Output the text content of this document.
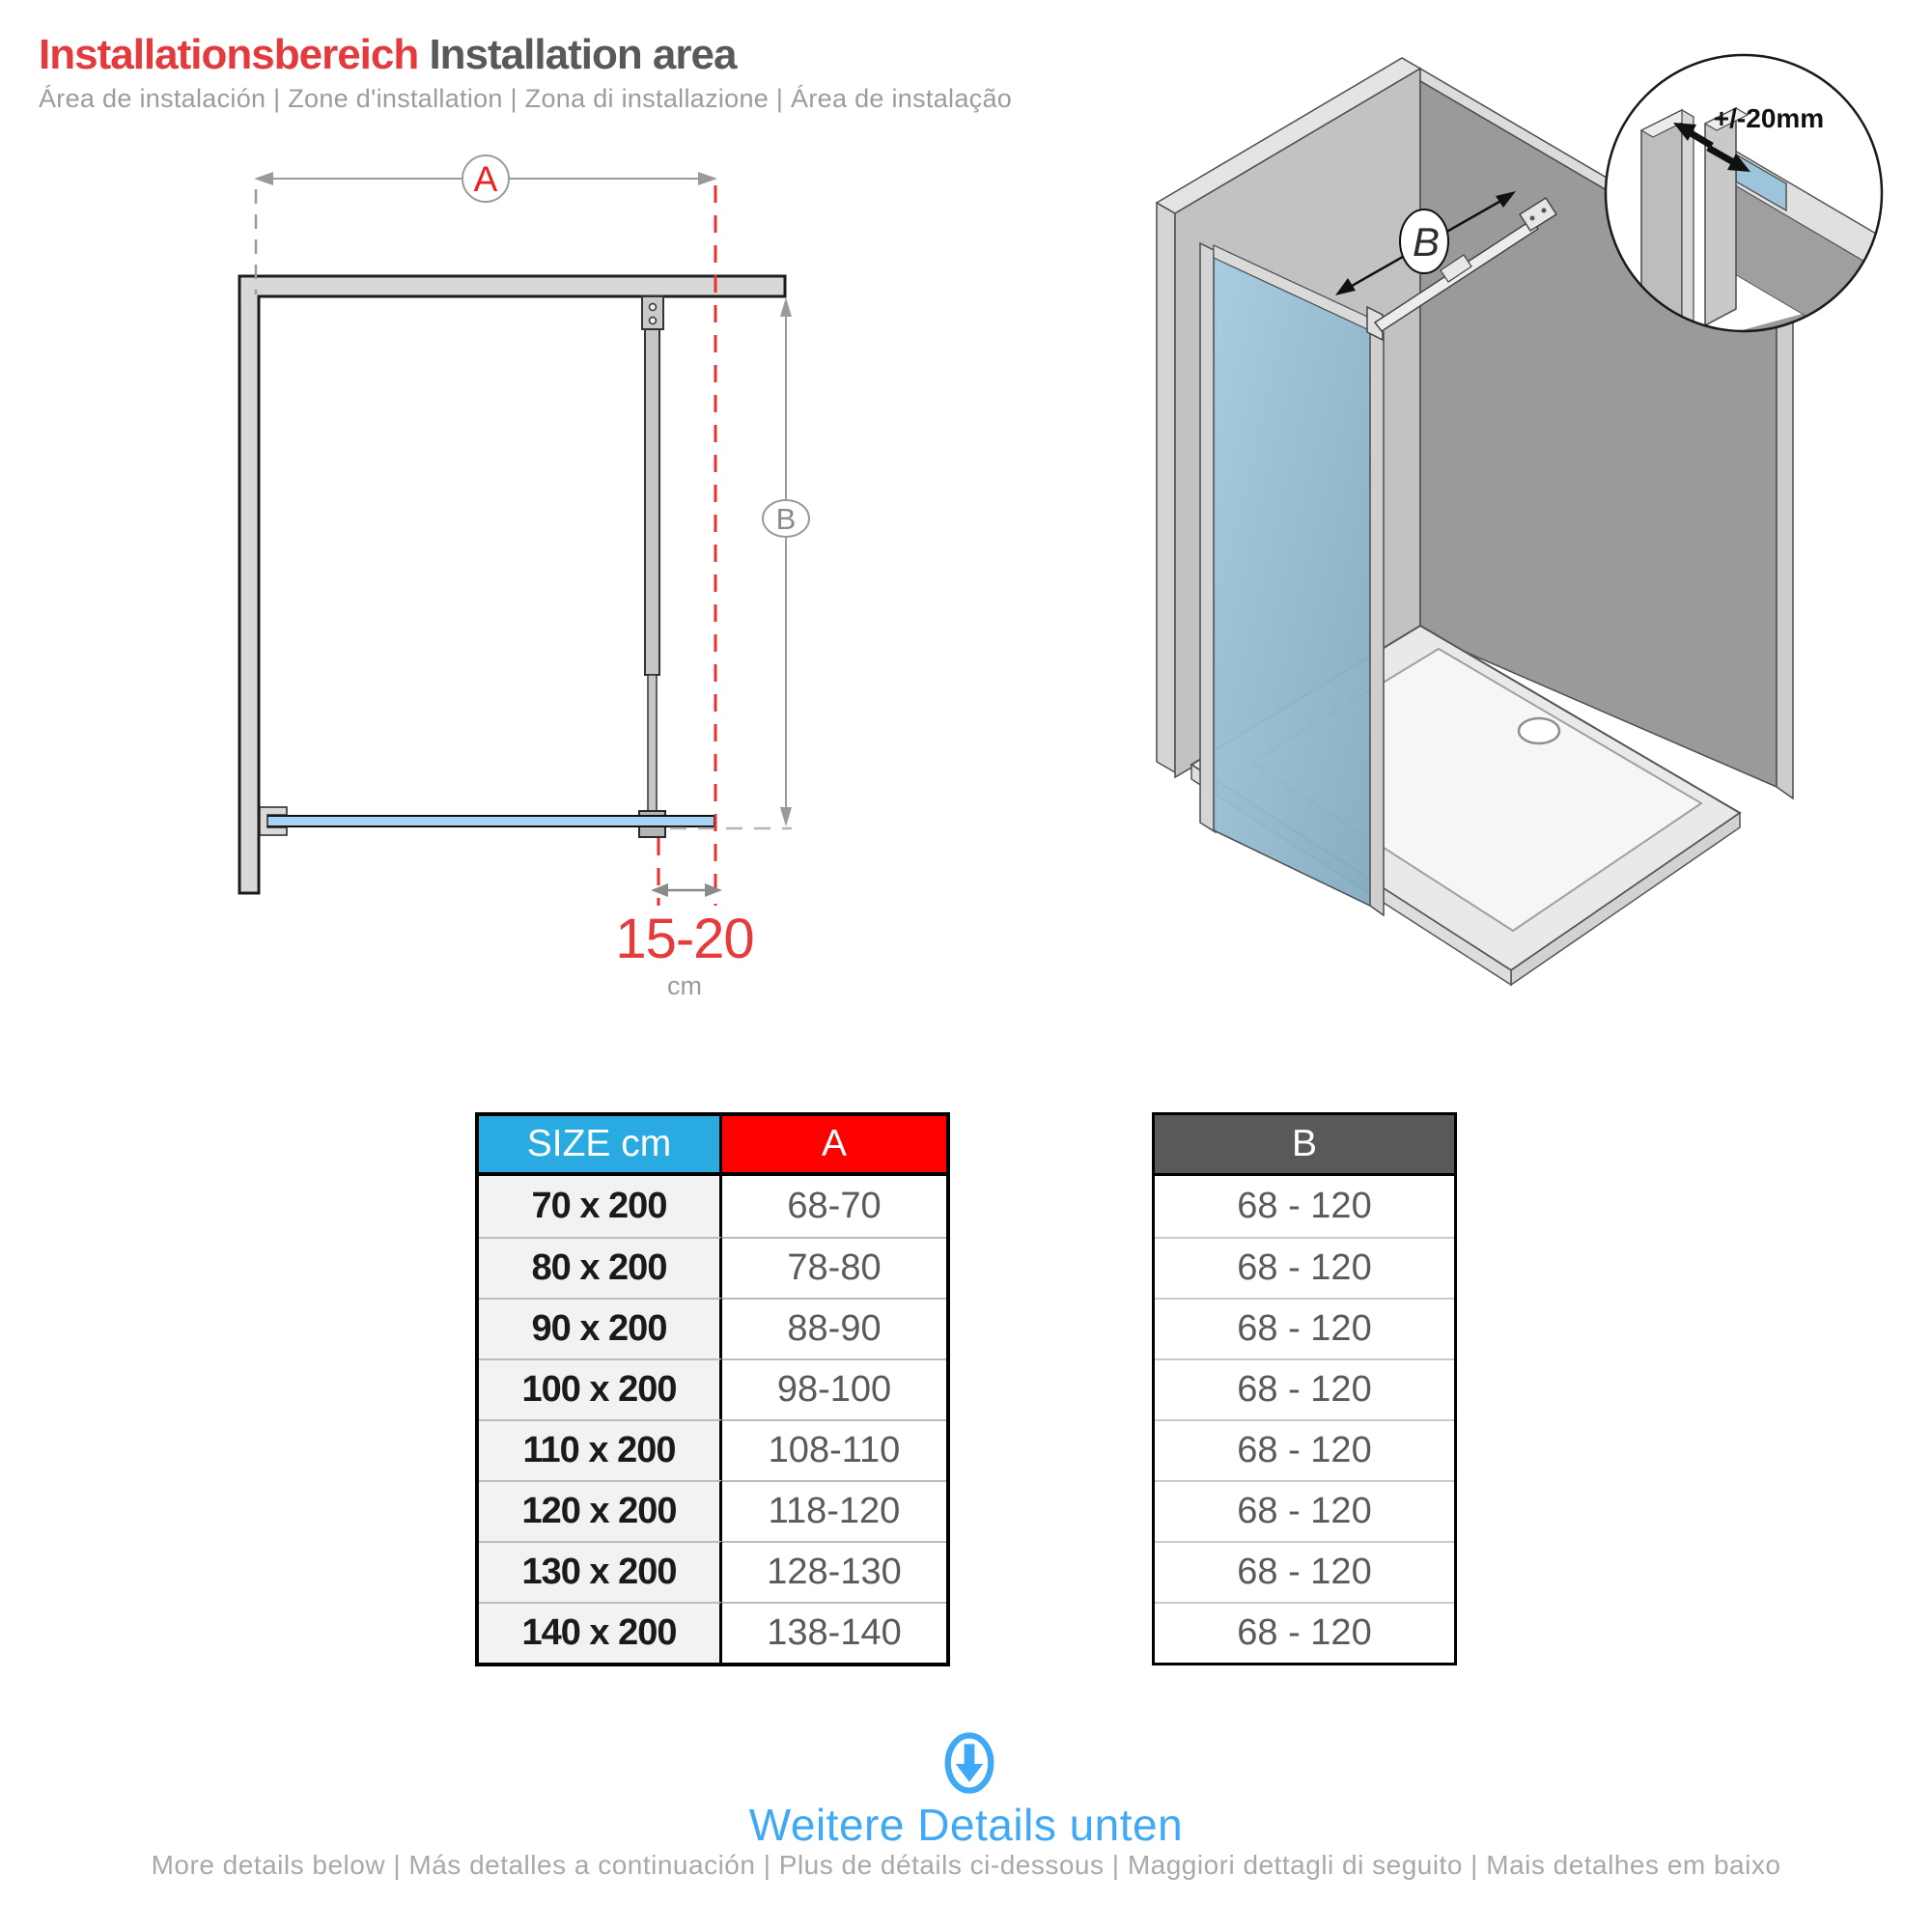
Installationsbereich Installation area
Área de instalación | Zone d'installation | Zona di installazione | Área de instalação
A
B
15-20
cm
B
+/-20mm
SIZE cm	A
70 x 200	68-70
80 x 200	78-80
90 x 200	88-90
100 x 200	98-100
110 x 200	108-110
120 x 200	118-120
130 x 200	128-130
140 x 200	138-140
B
68 - 120
68 - 120
68 - 120
68 - 120
68 - 120
68 - 120
68 - 120
68 - 120
Weitere Details unten
More details below | Más detalles a continuación | Plus de détails ci-dessous | Maggiori dettagli di seguito | Mais detalhes em baixo
